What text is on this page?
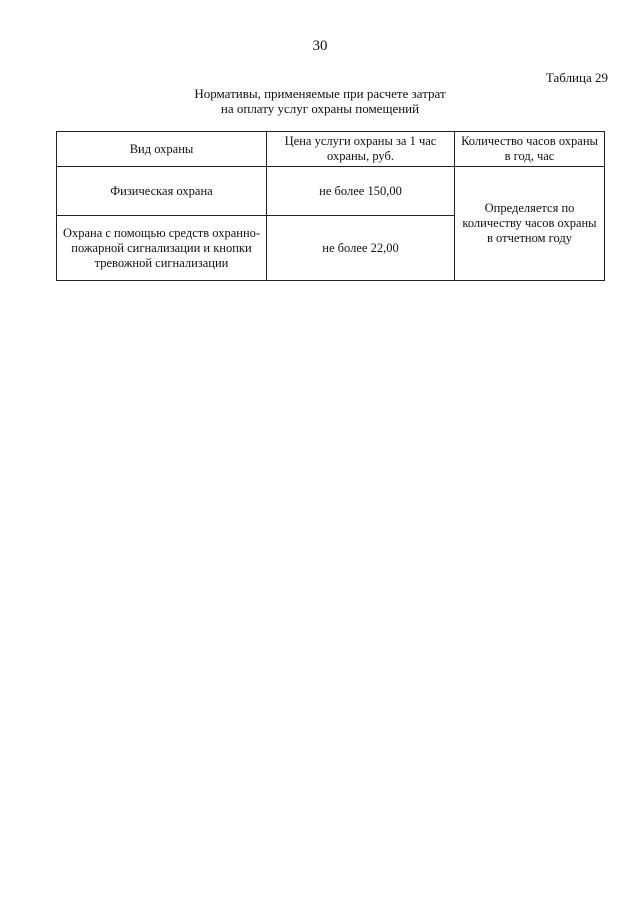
30
Таблица 29
Нормативы, применяемые при расчете затрат
на оплату услуг охраны помещений
Вид охраны	Цена услуги охраны за 1 час охраны, руб.	Количество часов охраны в год, час
Физическая охрана	не более 150,00	Определяется по количеству часов охраны в отчетном году
Охрана с помощью средств охранно-пожарной сигнализации и кнопки тревожной сигнализации	не более 22,00	
